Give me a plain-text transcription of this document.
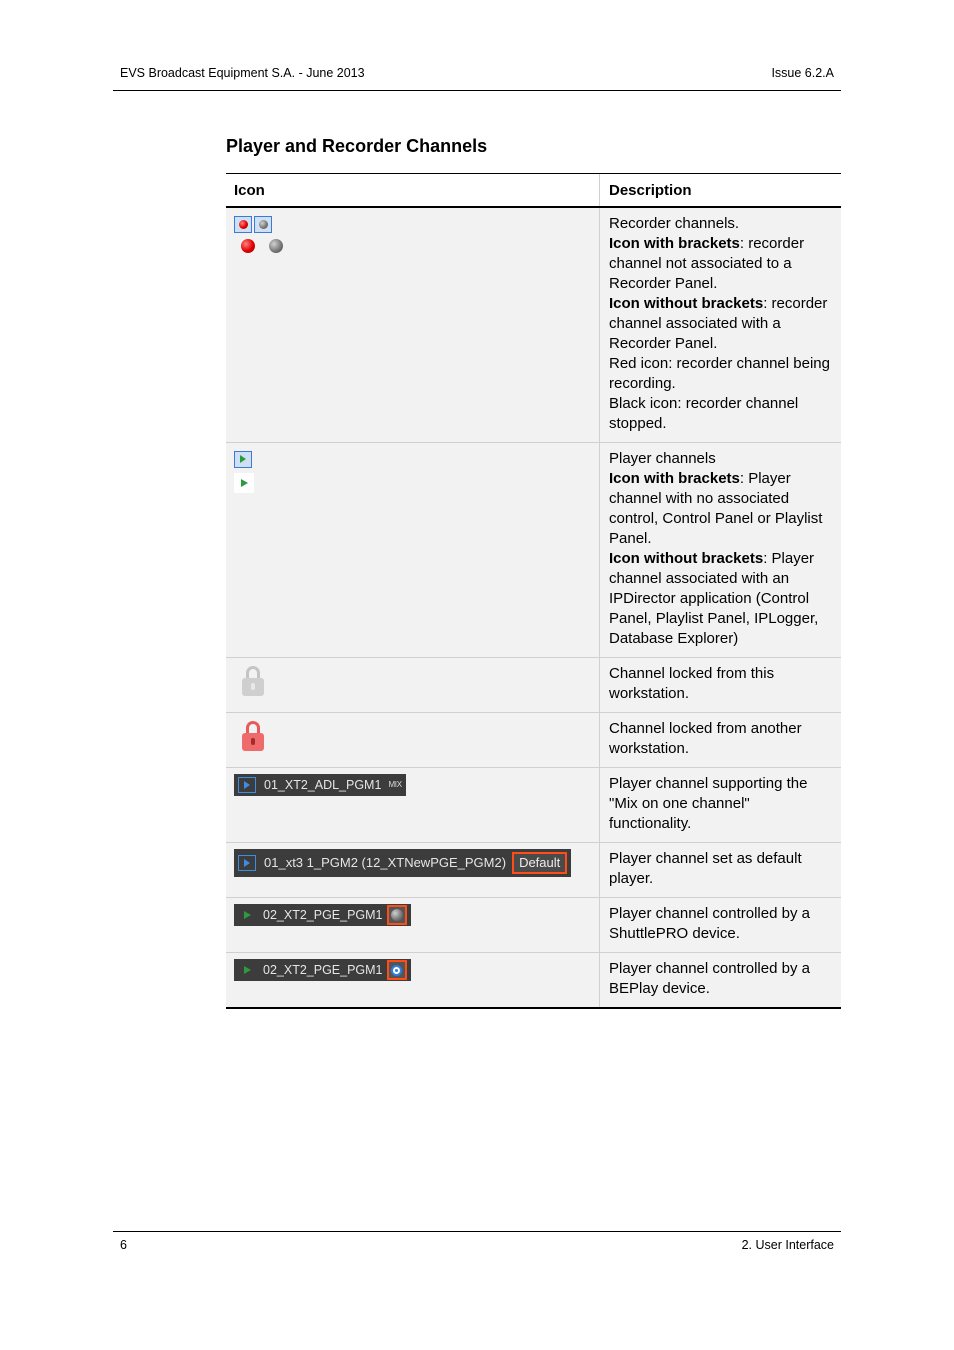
EVS Broadcast Equipment S.A. - June 2013	Issue 6.2.A
Player and Recorder Channels
Icon	Description

	Recorder channels.
Icon with brackets: recorder channel not associated to a Recorder Panel.
Icon without brackets: recorder channel associated with a Recorder Panel.
Red icon: recorder channel being recording.
Black icon: recorder channel stopped.

	Player channels
Icon with brackets: Player channel with no associated control, Control Panel or Playlist Panel.
Icon without brackets: Player channel associated with an IPDirector application (Control Panel, Playlist Panel, IPLogger, Database Explorer)

	Channel locked from this workstation.

	Channel locked from another workstation.

01_XT2_ADL_PGM1 MIX	Player channel supporting the "Mix on one channel" functionality.

01_xt3 1_PGM2 (12_XTNewPGE_PGM2) Default	Player channel set as default player.

02_XT2_PGE_PGM1	Player channel controlled by a ShuttlePRO device.

02_XT2_PGE_PGM1	Player channel controlled by a BEPlay device.
6	2. User Interface
